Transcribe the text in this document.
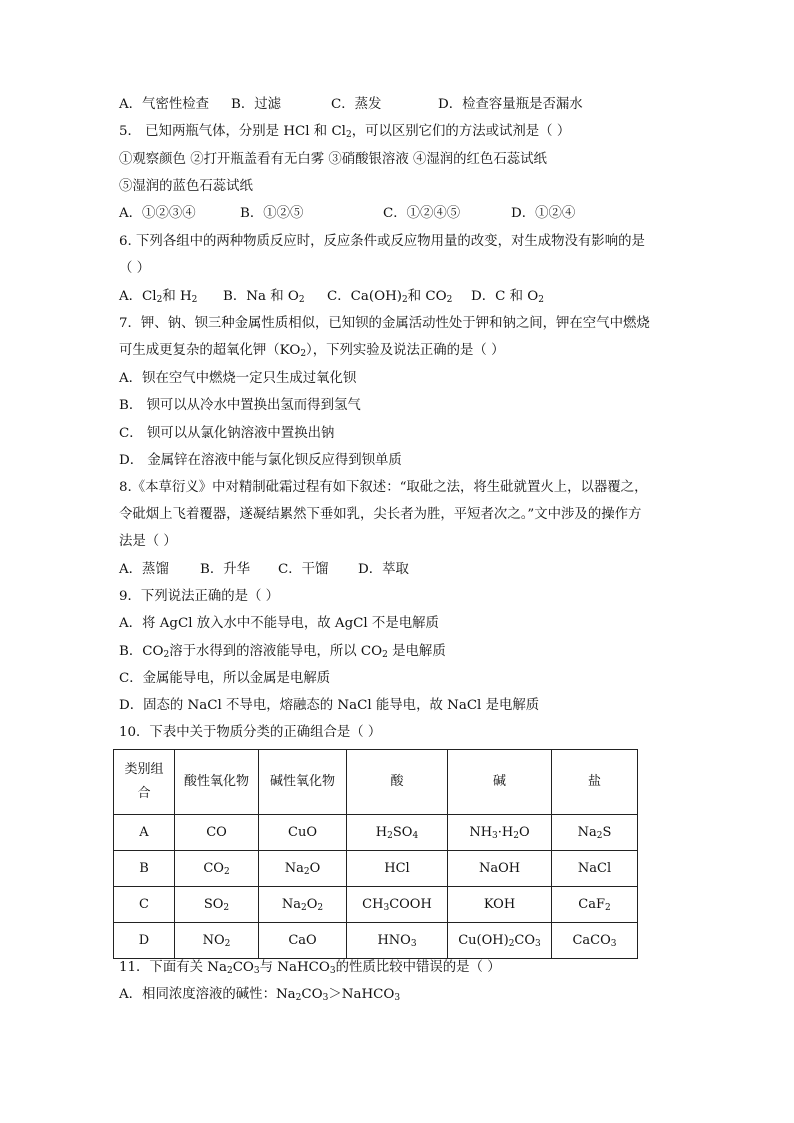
A．气密性检查 B．过滤	C．蒸发	D．检查容量瓶是否漏水
5． 已知两瓶气体，分别是 HCl 和 $Cl_2$，可以区别它们的方法或试剂是（ ）
①观察颜色 ②打开瓶盖看有无白雾 ③硝酸银溶液 ④湿润的红色石蕊试纸
⑤湿润的蓝色石蕊试纸
A．①②③④	B．①②⑤	C．①②④⑤	D．①②④
6. 下列各组中的两种物质反应时，反应条件或反应物用量的改变，对生成物没有影响的是
（ ）
A．$Cl_2$和 $H_2$ B．Na 和 $O_2$ C．$Ca(OH)_2$和 $CO_2$ D．C 和 $O_2$
7．钾、钠、钡三种金属性质相似，已知钡的金属活动性处于钾和钠之间，钾在空气中燃烧
可生成更复杂的超氧化钾$(KO_2)$，下列实验及说法正确的是（ ）
A．钡在空气中燃烧一定只生成过氧化钡
B． 钡可以从冷水中置换出氢而得到氢气
C． 钡可以从氯化钠溶液中置换出钠
D． 金属锌在溶液中能与氯化钡反应得到钡单质
8.《本草衍义》中对精制砒霜过程有如下叙述：“取砒之法，将生砒就置火上，以器覆之，
令砒烟上飞着覆器，遂凝结累然下垂如乳，尖长者为胜，平短者次之。”文中涉及的操作方
法是（ ）
A．蒸馏 B．升华 C．干馏 D．萃取
9．下列说法正确的是（ ）
A．将 AgCl 放入水中不能导电，故 AgCl 不是电解质
B．$CO_2$溶于水得到的溶液能导电，所以 $CO_2$ 是电解质
C．金属能导电，所以金属是电解质
D．固态的 NaCl 不导电，熔融态的 NaCl 能导电，故 NaCl 是电解质
10．下表中关于物质分类的正确组合是（ ）
类别组合	酸性氧化物	碱性氧化物	酸	碱	盐
A	CO	CuO	$H_2SO_4$	$NH_3\cdot H_2O$	$Na_2S$
B	$CO_2$	$Na_2O$	HCl	NaOH	NaCl
C	$SO_2$	$Na_2O_2$	$CH_3COOH$	KOH	CaF$_2$
D	$NO_2$	CaO	$HNO_3$	$Cu(OH)_2CO_3$	CaCO$_3$
11．下面有关 $Na_2CO_3$与 NaHCO$_3$的性质比较中错误的是（ ）
A．相同浓度溶液的碱性：$Na_2CO_3>NaHCO_3$
